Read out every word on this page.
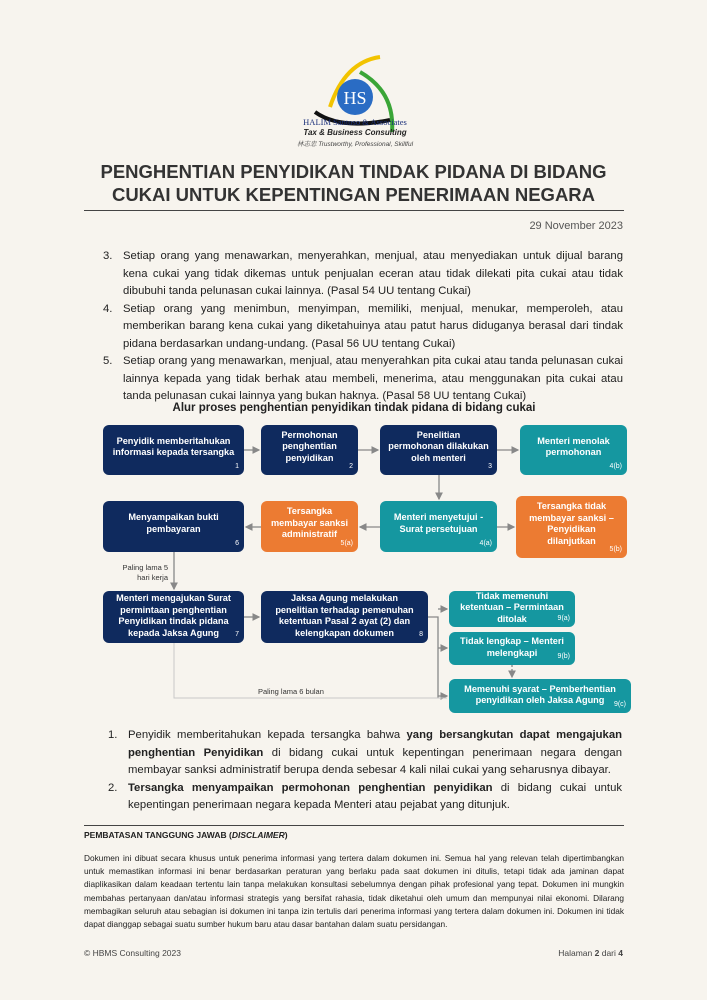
HS
HALIM Santoso & Associates
Tax & Business Consulting
林志忠 Trustworthy, Professional, Skillful
PENGHENTIAN PENYIDIKAN TINDAK PIDANA DI BIDANG CUKAI UNTUK KEPENTINGAN PENERIMAAN NEGARA
29 November 2023
3. Setiap orang yang menawarkan, menyerahkan, menjual, atau menyediakan untuk dijual barang kena cukai yang tidak dikemas untuk penjualan eceran atau tidak dilekati pita cukai atau tidak dibubuhi tanda pelunasan cukai lainnya. (Pasal 54 UU tentang Cukai)
4. Setiap orang yang menimbun, menyimpan, memiliki, menjual, menukar, memperoleh, atau memberikan barang kena cukai yang diketahuinya atau patut harus diduganya berasal dari tindak pidana berdasarkan undang-undang. (Pasal 56 UU tentang Cukai)
5. Setiap orang yang menawarkan, menjual, atau menyerahkan pita cukai atau tanda pelunasan cukai lainnya kepada yang tidak berhak atau membeli, menerima, atau menggunakan pita cukai atau tanda pelunasan cukai lainnya yang bukan haknya. (Pasal 58 UU tentang Cukai)
Alur proses penghentian penyidikan tindak pidana di bidang cukai
Penyidik memberitahukan informasi kepada tersangka
1
Permohonan penghentian penyidikan
2
Penelitian permohonan dilakukan oleh menteri
3
Menteri menolak permohonan
4(b)
Menyampaikan bukti pembayaran
6
Tersangka membayar sanksi administratif
5(a)
Menteri menyetujui - Surat persetujuan
4(a)
Tersangka tidak membayar sanksi – Penyidikan dilanjutkan
5(b)
Menteri mengajukan Surat permintaan penghentian Penyidikan tindak pidana kepada Jaksa Agung	7
Jaksa Agung melakukan penelitian terhadap pemenuhan ketentuan Pasal 2 ayat (2) dan kelengkapan dokumen	8
Tidak memenuhi ketentuan – Permintaan ditolak	9(a)
Tidak lengkap – Menteri melengkapi	9(b)
Memenuhi syarat – Pemberhentian penyidikan oleh Jaksa Agung	9(c)
Paling lama 5 hari kerja
Paling lama 6 bulan
1. Penyidik memberitahukan kepada tersangka bahwa yang bersangkutan dapat mengajukan penghentian Penyidikan di bidang cukai untuk kepentingan penerimaan negara dengan membayar sanksi administratif berupa denda sebesar 4 kali nilai cukai yang seharusnya dibayar.
2. Tersangka menyampaikan permohonan penghentian penyidikan di bidang cukai untuk kepentingan penerimaan negara kepada Menteri atau pejabat yang ditunjuk.
PEMBATASAN TANGGUNG JAWAB (DISCLAIMER)
Dokumen ini dibuat secara khusus untuk penerima informasi yang tertera dalam dokumen ini. Semua hal yang relevan telah dipertimbangkan untuk memastikan informasi ini benar berdasarkan peraturan yang berlaku pada saat dokumen ini ditulis, tetapi tidak ada jaminan dapat diaplikasikan dalam keadaan tertentu lain tanpa melakukan konsultasi sebelumnya dengan pihak profesional yang tepat. Dokumen ini mungkin membahas pertanyaan dan/atau informasi strategis yang bersifat rahasia, tidak diketahui oleh umum dan mempunyai nilai ekonomi. Dilarang membagikan seluruh atau sebagian isi dokumen ini tanpa izin tertulis dari penerima informasi yang tertera dalam dokumen ini. Dokumen ini tidak dapat dianggap sebagai suatu sumber hukum baru atau dasar bantahan dalam suatu persidangan.
© HBMS Consulting 2023	Halaman 2 dari 4
